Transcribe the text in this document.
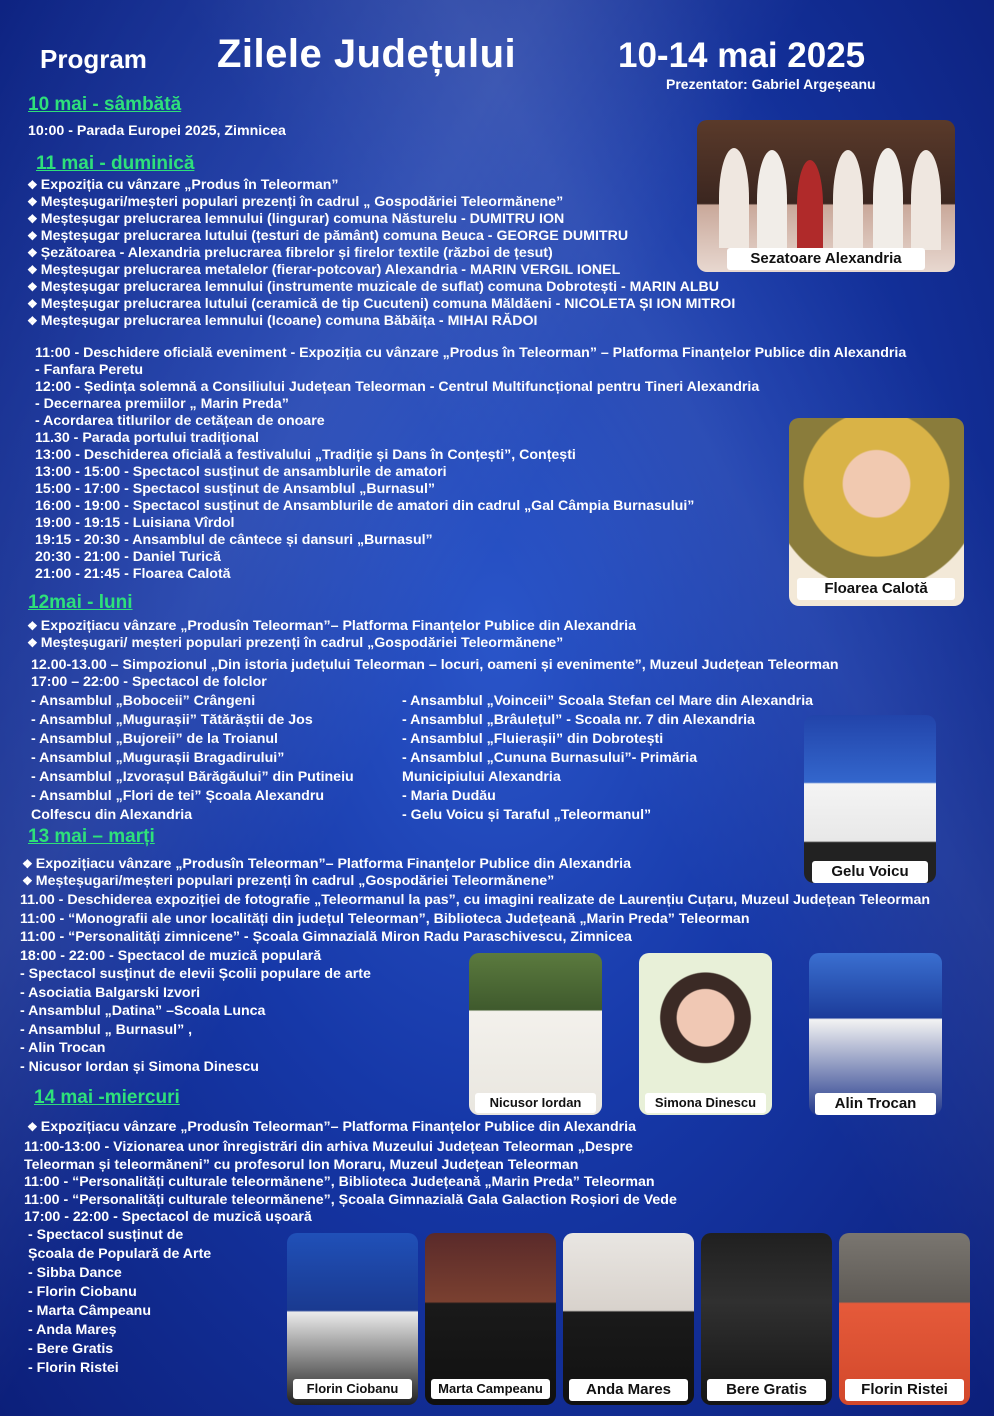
Program Zilele Județului	10-14 mai 2025
Prezentator: Gabriel Argeșeanu
10 mai - sâmbătă
10:00 - Parada Europei 2025, Zimnicea
11 mai - duminică
❖ Expoziția cu vânzare „Produs în Teleorman”
❖ Meșteșugari/meșteri populari prezenți în cadrul „ Gospodăriei Teleormănene”
❖ Meșteșugar prelucrarea lemnului (lingurar) comuna Năsturelu - DUMITRU ION
❖ Meșteșugar prelucrarea lutului (țesturi de pământ) comuna Beuca - GEORGE DUMITRU
❖ Șezătoarea - Alexandria prelucrarea fibrelor și firelor textile (război de țesut)
❖ Meșteșugar prelucrarea metalelor (fierar-potcovar) Alexandria - MARIN VERGIL IONEL
❖ Meșteșugar prelucrarea lemnului (instrumente muzicale de suflat) comuna Dobrotești - MARIN ALBU
❖ Meșteșugar prelucrarea lutului (ceramică de tip Cucuteni) comuna Măldăeni - NICOLETA ȘI ION MITROI
❖ Meșteșugar prelucrarea lemnului (Icoane) comuna Băbăița - MIHAI RĂDOI
11:00 - Deschidere oficială eveniment - Expoziția cu vânzare „Produs în Teleorman” – Platforma Finanțelor Publice din Alexandria
- Fanfara Peretu
12:00 - Ședința solemnă a Consiliului Județean Teleorman - Centrul Multifuncțional pentru Tineri Alexandria
- Decernarea premiilor „ Marin Preda”
- Acordarea titlurilor de cetățean de onoare
11.30 - Parada portului tradițional
13:00 - Deschiderea oficială a festivalului „Tradiție și Dans în Conțești”, Conțești
13:00 - 15:00 - Spectacol susținut de ansamblurile de amatori
15:00 - 17:00 - Spectacol susținut de Ansamblul „Burnasul”
16:00 - 19:00 - Spectacol susținut de Ansamblurile de amatori din cadrul „Gal Câmpia Burnasului”
19:00 - 19:15 - Luisiana Vîrdol
19:15 - 20:30 - Ansamblul de cântece și dansuri „Burnasul”
20:30 - 21:00 - Daniel Turică
21:00 - 21:45 - Floarea Calotă
12mai - luni
❖ Expozițiacu vânzare „Produsîn Teleorman”– Platforma Finanțelor Publice din Alexandria
❖ Meșteșugari/ meșteri populari prezenți în cadrul „Gospodăriei Teleormănene”
12.00-13.00 – Simpozionul „Din istoria județului Teleorman – locuri, oameni și evenimente”, Muzeul Județean Teleorman
17:00 – 22:00 - Spectacol de folclor
- Ansamblul „Boboceii” Crângeni
- Ansamblul „Mugurașii” Tătărăștii de Jos
- Ansamblul „Bujoreii” de la Troianul
- Ansamblul „Mugurașii Bragadirului”
- Ansamblul „Izvorașul Bărăgăului” din Putineiu
- Ansamblul „Flori de tei” Școala Alexandru
Colfescu din Alexandria
- Ansamblul „Voinceii” Scoala Stefan cel Mare din Alexandria
- Ansamblul „Brâulețul” - Scoala nr. 7 din Alexandria
- Ansamblul „Fluierașii” din Dobrotești
- Ansamblul „Cununa Burnasului”- Primăria
Municipiului Alexandria
- Maria Dudău
- Gelu Voicu și Taraful „Teleormanul”
13 mai – marți
❖ Expozițiacu vânzare „Produsîn Teleorman”– Platforma Finanțelor Publice din Alexandria
❖ Meșteșugari/meșteri populari prezenți în cadrul „Gospodăriei Teleormănene”
11.00 - Deschiderea expoziției de fotografie „Teleormanul la pas”, cu imagini realizate de Laurențiu Cuțaru, Muzeul Județean Teleorman
11:00 - “Monografii ale unor localități din județul Teleorman”, Biblioteca Județeană „Marin Preda” Teleorman
11:00 - “Personalități zimnicene” - Școala Gimnazială Miron Radu Paraschivescu, Zimnicea
18:00 - 22:00 - Spectacol de muzică populară
- Spectacol susținut de elevii Școlii populare de arte
- Asociatia Balgarski Izvori
- Ansamblul „Datina” –Scoala Lunca
- Ansamblul „ Burnasul” ,
- Alin Trocan
- Nicusor Iordan și Simona Dinescu
14 mai -miercuri
❖ Expozițiacu vânzare „Produsîn Teleorman”– Platforma Finanțelor Publice din Alexandria
11:00-13:00 - Vizionarea unor înregistrări din arhiva Muzeului Județean Teleorman „Despre
Teleorman și teleormăneni” cu profesorul Ion Moraru, Muzeul Județean Teleorman
11:00 - “Personalități culturale teleormănene”, Biblioteca Județeană „Marin Preda” Teleorman
11:00 - “Personalități culturale teleormănene”, Școala Gimnazială Gala Galaction Roșiori de Vede
17:00 - 22:00 - Spectacol de muzică ușoară
- Spectacol susținut de
Școala de Populară de Arte
- Sibba Dance
- Florin Ciobanu
- Marta Câmpeanu
- Anda Mareș
- Bere Gratis
- Florin Ristei
Sezatoare Alexandria
Floarea Calotă
Gelu Voicu
Nicusor Iordan	Simona Dinescu	Alin Trocan
Florin Ciobanu	Marta Campeanu	Anda Mares	Bere Gratis	Florin Ristei
